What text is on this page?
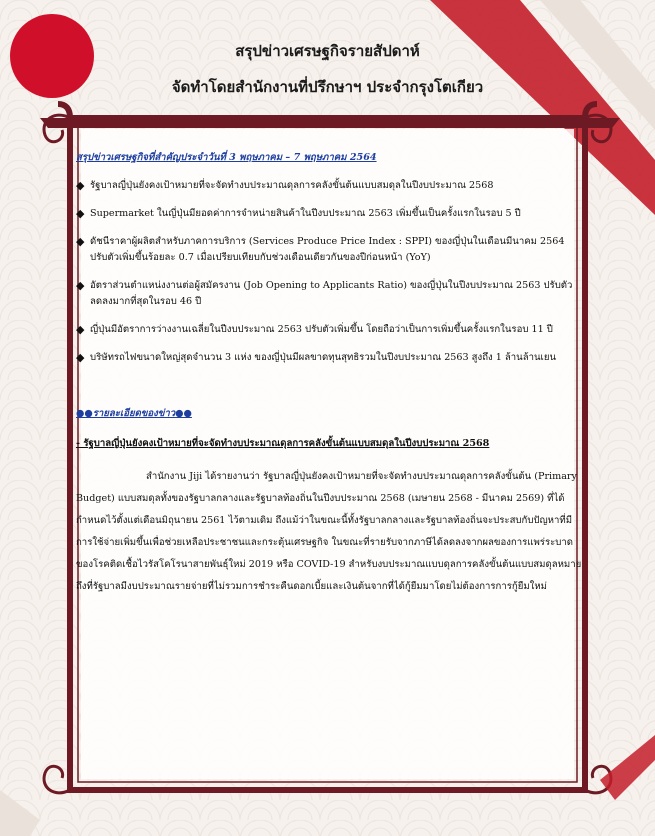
สรุปข่าวเศรษฐกิจรายสัปดาห์
จัดทำโดยสำนักงานที่ปรึกษาฯ ประจำกรุงโตเกียว
สรุปข่าวเศรษฐกิจที่สำคัญประจำวันที่ 3 พฤษภาคม – 7 พฤษภาคม 2564
◆ รัฐบาลญี่ปุ่นยังคงเป้าหมายที่จะจัดทำงบประมาณดุลการคลังขั้นต้นแบบสมดุลในปีงบประมาณ 2568
◆ Supermarket ในญี่ปุ่นมียอดค่าการจำหน่ายสินค้าในปีงบประมาณ 2563 เพิ่มขึ้นเป็นครั้งแรกในรอบ 5 ปี
◆ ดัชนีราคาผู้ผลิตสำหรับภาคการบริการ (Services Produce Price Index : SPPI) ของญี่ปุ่นในเดือนมีนาคม 2564 ปรับตัวเพิ่มขึ้นร้อยละ 0.7 เมื่อเปรียบเทียบกับช่วงเดือนเดียวกันของปีก่อนหน้า (YoY)
◆ อัตราส่วนตำแหน่งงานต่อผู้สมัครงาน (Job Opening to Applicants Ratio) ของญี่ปุ่นในปีงบประมาณ 2563 ปรับตัวลดลงมากที่สุดในรอบ 46 ปี
◆ ญี่ปุ่นมีอัตราการว่างงานเฉลี่ยในปีงบประมาณ 2563 ปรับตัวเพิ่มขึ้น โดยถือว่าเป็นการเพิ่มขึ้นครั้งแรกในรอบ 11 ปี
◆ บริษัทรถไฟขนาดใหญ่สุดจำนวน 3 แห่ง ของญี่ปุ่นมีผลขาดทุนสุทธิรวมในปีงบประมาณ 2563 สูงถึง 1 ล้านล้านเยน
●●รายละเอียดของข่าว●●
- รัฐบาลญี่ปุ่นยังคงเป้าหมายที่จะจัดทำงบประมาณดุลการคลังขั้นต้นแบบสมดุลในปีงบประมาณ 2568
สำนักงาน Jiji ได้รายงานว่า รัฐบาลญี่ปุ่นยังคงเป้าหมายที่จะจัดทำงบประมาณดุลการคลังขั้นต้น (Primary Budget) แบบสมดุลทั้งของรัฐบาลกลางและรัฐบาลท้องถิ่นในปีงบประมาณ 2568 (เมษายน 2568 - มีนาคม 2569) ที่ได้กำหนดไว้ตั้งแต่เดือนมิถุนายน 2561 ไว้ตามเดิม ถึงแม้ว่าในขณะนี้ทั้งรัฐบาลกลางและรัฐบาลท้องถิ่นจะประสบกับปัญหาที่มีการใช้จ่ายเพิ่มขึ้นเพื่อช่วยเหลือประชาชนและกระตุ้นเศรษฐกิจ ในขณะที่รายรับจากภาษีได้ลดลงจากผลของการแพร่ระบาดของโรคติดเชื้อไวรัสโคโรนาสายพันธุ์ใหม่ 2019 หรือ COVID-19 สำหรับงบประมาณแบบดุลการคลังขั้นต้นแบบสมดุลหมายถึงที่รัฐบาลมีงบประมาณรายจ่ายที่ไม่รวมการชำระคืนดอกเบี้ยและเงินต้นจากที่ได้กู้ยืมมาโดยไม่ต้องการการกู้ยืมใหม่
